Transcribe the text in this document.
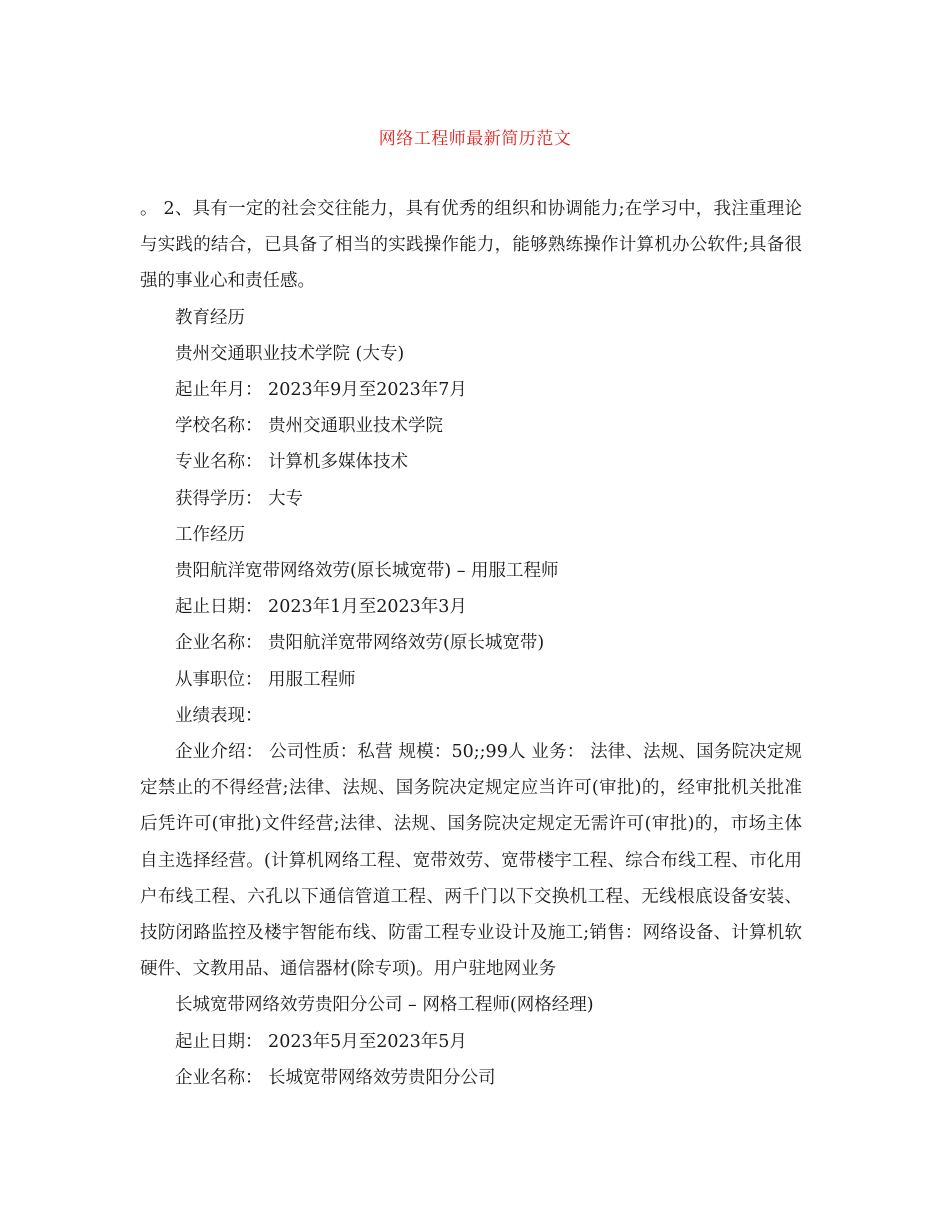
网络工程师最新简历范文

。 2、具有一定的社会交往能力，具有优秀的组织和协调能力;在学习中，我注重理论与实践的结合，已具备了相当的实践操作能力，能够熟练操作计算机办公软件;具备很强的事业心和责任感。

教育经历

贵州交通职业技术学院 (大专)

起止年月： 2023年9月至2023年7月

学校名称： 贵州交通职业技术学院

专业名称： 计算机多媒体技术

获得学历： 大专

工作经历

贵阳航洋宽带网络效劳(原长城宽带) – 用服工程师

起止日期： 2023年1月至2023年3月

企业名称： 贵阳航洋宽带网络效劳(原长城宽带)

从事职位： 用服工程师

业绩表现：

企业介绍： 公司性质：私营 规模：50;;99人 业务： 法律、法规、国务院决定规定禁止的不得经营;法律、法规、国务院决定规定应当许可(审批)的，经审批机关批准后凭许可(审批)文件经营;法律、法规、国务院决定规定无需许可(审批)的，市场主体自主选择经营。(计算机网络工程、宽带效劳、宽带楼宇工程、综合布线工程、市化用户布线工程、六孔以下通信管道工程、两千门以下交换机工程、无线根底设备安装、技防闭路监控及楼宇智能布线、防雷工程专业设计及施工;销售：网络设备、计算机软硬件、文教用品、通信器材(除专项)。用户驻地网业务

长城宽带网络效劳贵阳分公司 – 网格工程师(网格经理)

起止日期： 2023年5月至2023年5月

企业名称： 长城宽带网络效劳贵阳分公司
